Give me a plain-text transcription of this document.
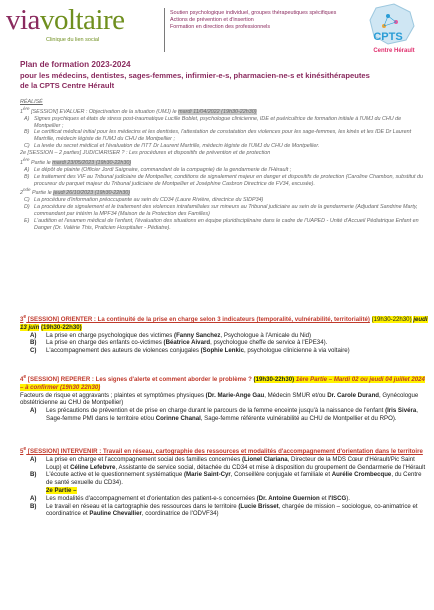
viavoltaire
Clinique du lien social
Soutien psychologique individuel, groupes thérapeutiques spécifiques
Actions de prévention et d'insertion
Formation en direction des professionnels
CPTS
Centre Hérault
Plan de formation 2023-2024
pour les médecins, dentistes, sages-femmes, infirmier-e-s, pharmacien-ne-s et kinésithérapeutes
de la CPTS Centre Hérault

RÉALISÉ

1ère [SESSION] EVALUER : Objectivation de la situation (UMJ) le mardi 11/04/2022 (19h30-22h30)

A) Signes psychiques et états de stress post-traumatique Lucille Boblet, psychologue clinicienne, IDE et puéricultrice de formation initiale à l'UMJ du CHU de Montpellier ;
B) Le certificat médical initial pour les médecins et les dentistes, l'attestation de constatation des violences pour les sage-femmes, les kinés et les IDE Dr Laurent Martrille, médecin légiste de l'UMJ du CHU de Montpellier ;
C) La levée du secret médical et l'évaluation de l'ITT Dr Laurent Martrille, médecin légiste de l'UMJ du CHU de Montpellier.

2e [SESSION – 2 parties] JUDICIARISER ? : Les procédures et dispositifs de prévention et de protection

1ère Partie le mardi 23/05/2023 (19h30-22h30)

A) Le dépôt de plainte (Officier Jordi Saignaire, commandant de la compagnie) de la gendarmerie de l'Hérault ;
B) Le traitement des VIF au Tribunal judiciaire de Montpellier, conditions de signalement majeur en danger et dispositifs de protection (Caroline Chambon, substitut du procureur du parquet majeur du Tribunal judiciaire de Montpellier et Joséphine Casbron Directrice de FV34, excusée).

2nde Partie le jeudi 26/10/2023 (19h30-22h30)

C) La procédure d'information préoccupante au sein du CD34 (Laure Rivière, directrice du SIDP34)
D) La procédure de signalement et le traitement des violences intrafamiliales sur mineurs au Tribunal judiciaire au sein de la gendarmerie (Adjudant Sandrine Marty, commandant par intérim la MPF34 (Maison de la Protection des Familles)
E) L'audition et l'examen médical de l'enfant, l'évaluation des situations en équipe pluridisciplinaire dans le cadre de l'UAPED - Unité d'Accueil Pédiatrique Enfant en Danger (Dr. Valérie This, Praticien Hospitalier - Pédiatre).

3e [SESSION] ORIENTER : La continuité de la prise en charge selon 3 indicateurs (temporalité, vulnérabilité, territorialité) (19h30-22h30) jeudi 13 juin (19h30-22h30)

A) La prise en charge psychologique des victimes (Fanny Sanchez, Psychologue à l'Amicale du Nid)
B) La prise en charge des enfants co-victimes (Béatrice Aivard, psychologue cheffe de service à l'EPE34).
C) L'accompagnement des auteurs de violences conjugales (Sophie Lenkic, psychologue clinicienne à via voltaire)

4e [SESSION] REPERER : Les signes d'alerte et comment aborder le problème ? (19h30-22h30) 1ère Partie – Mardi 02 ou jeudi 04 juillet 2024 – à confirmer (19h30 22h30)

Facteurs de risque et aggravants ; plaintes et symptômes physiques (Dr. Marie-Ange Gau, Médecin SMUR et/ou Dr. Carole Durand, Gynécologue obstétricienne au CHU de Montpellier)

A) Les précautions de prévention et de prise en charge durant le parcours de la femme enceinte jusqu'à la naissance de l'enfant (Iris Sivéra, Sage-femme PMI dans le territoire et/ou Corinne Chanal, Sage-femme référente vulnérabilité au CHU de Montpellier et du RPO).

5e [SESSION] INTERVENIR : Travail en réseau, cartographie des ressources et modalités d'accompagnement d'orientation dans le territoire

A) La prise en charge et l'accompagnement social des familles concernées (Lionel Clariana, Directeur de la MDS Cœur d'Hérault/Pic Saint Loup) et Céline Lefebvre, Assistante de service social, détachée du CD34 et mise à disposition du groupement de Gendarmerie de l'Hérault
B) L'écoute active et le questionnement systématique (Marie Saint-Cyr, Conseillère conjugale et familiale et Aurélie Crombecque, du Centre de santé sexuelle du CD34).
2e Partie –
A) Les modalités d'accompagnement et d'orientation des patient-e-s concernées (Dr. Antoine Guernion et l'ISCG).
B) Le travail en réseau et la cartographie des ressources dans le territoire (Lucie Brisset, chargée de mission – sociologue, co-animatrice et coordinatrice et Pauline Chevallier, coordinatrice de l'ODVF34)
